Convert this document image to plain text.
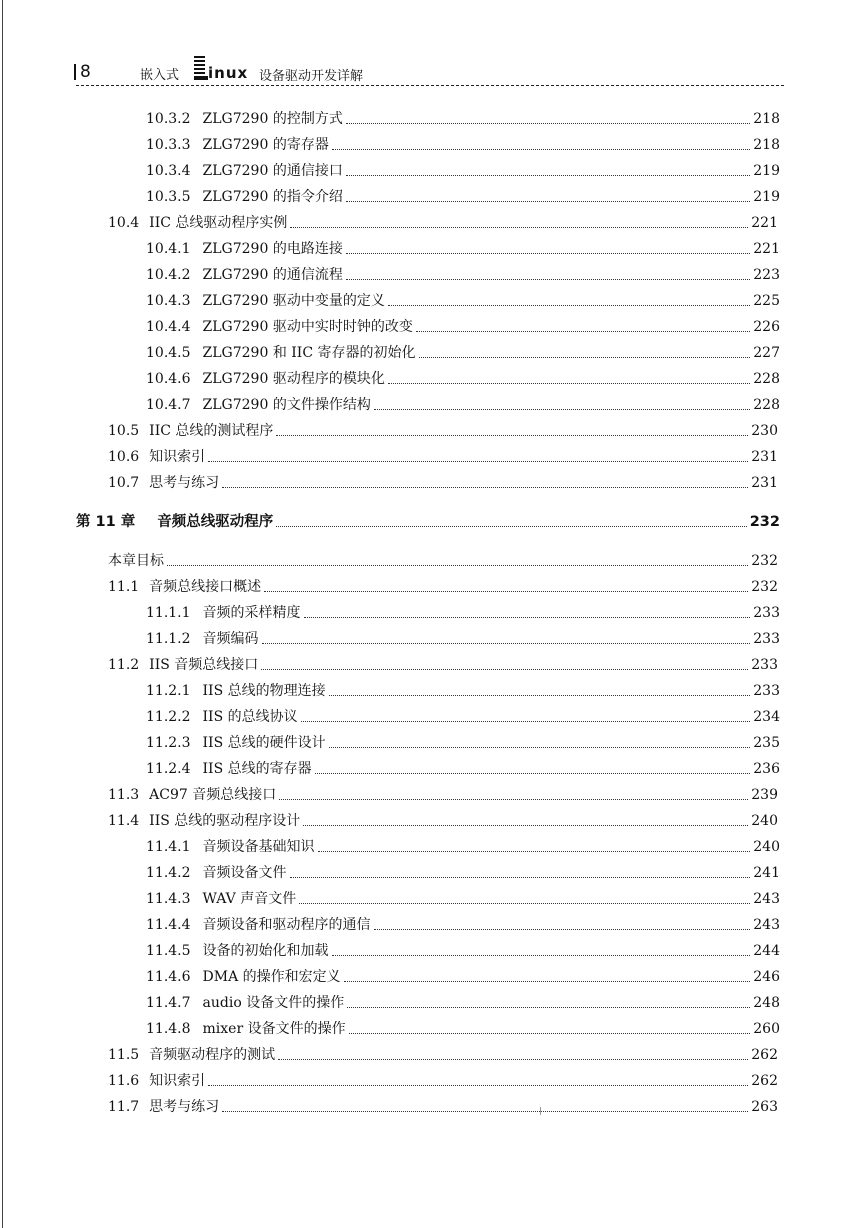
8	嵌入式 inux 设备驱动开发详解
10.3.2 ZLG7290 的控制方式	218
10.3.3 ZLG7290 的寄存器	218
10.3.4 ZLG7290 的通信接口	219
10.3.5 ZLG7290 的指令介绍	219
10.4 IIC 总线驱动程序实例	221
10.4.1 ZLG7290 的电路连接	221
10.4.2 ZLG7290 的通信流程	223
10.4.3 ZLG7290 驱动中变量的定义	225
10.4.4 ZLG7290 驱动中实时时钟的改变	226
10.4.5 ZLG7290 和 IIC 寄存器的初始化	227
10.4.6 ZLG7290 驱动程序的模块化	228
10.4.7 ZLG7290 的文件操作结构	228
10.5 IIC 总线的测试程序	230
10.6 知识索引	231
10.7 思考与练习	231
第 11 章 音频总线驱动程序	232
本章目标	232
11.1 音频总线接口概述	232
11.1.1 音频的采样精度	233
11.1.2 音频编码	233
11.2 IIS 音频总线接口	233
11.2.1 IIS 总线的物理连接	233
11.2.2 IIS 的总线协议	234
11.2.3 IIS 总线的硬件设计	235
11.2.4 IIS 总线的寄存器	236
11.3 AC97 音频总线接口	239
11.4 IIS 总线的驱动程序设计	240
11.4.1 音频设备基础知识	240
11.4.2 音频设备文件	241
11.4.3 WAV 声音文件	243
11.4.4 音频设备和驱动程序的通信	243
11.4.5 设备的初始化和加载	244
11.4.6 DMA 的操作和宏定义	246
11.4.7 audio 设备文件的操作	248
11.4.8 mixer 设备文件的操作	260
11.5 音频驱动程序的测试	262
11.6 知识索引	262
11.7 思考与练习	263
